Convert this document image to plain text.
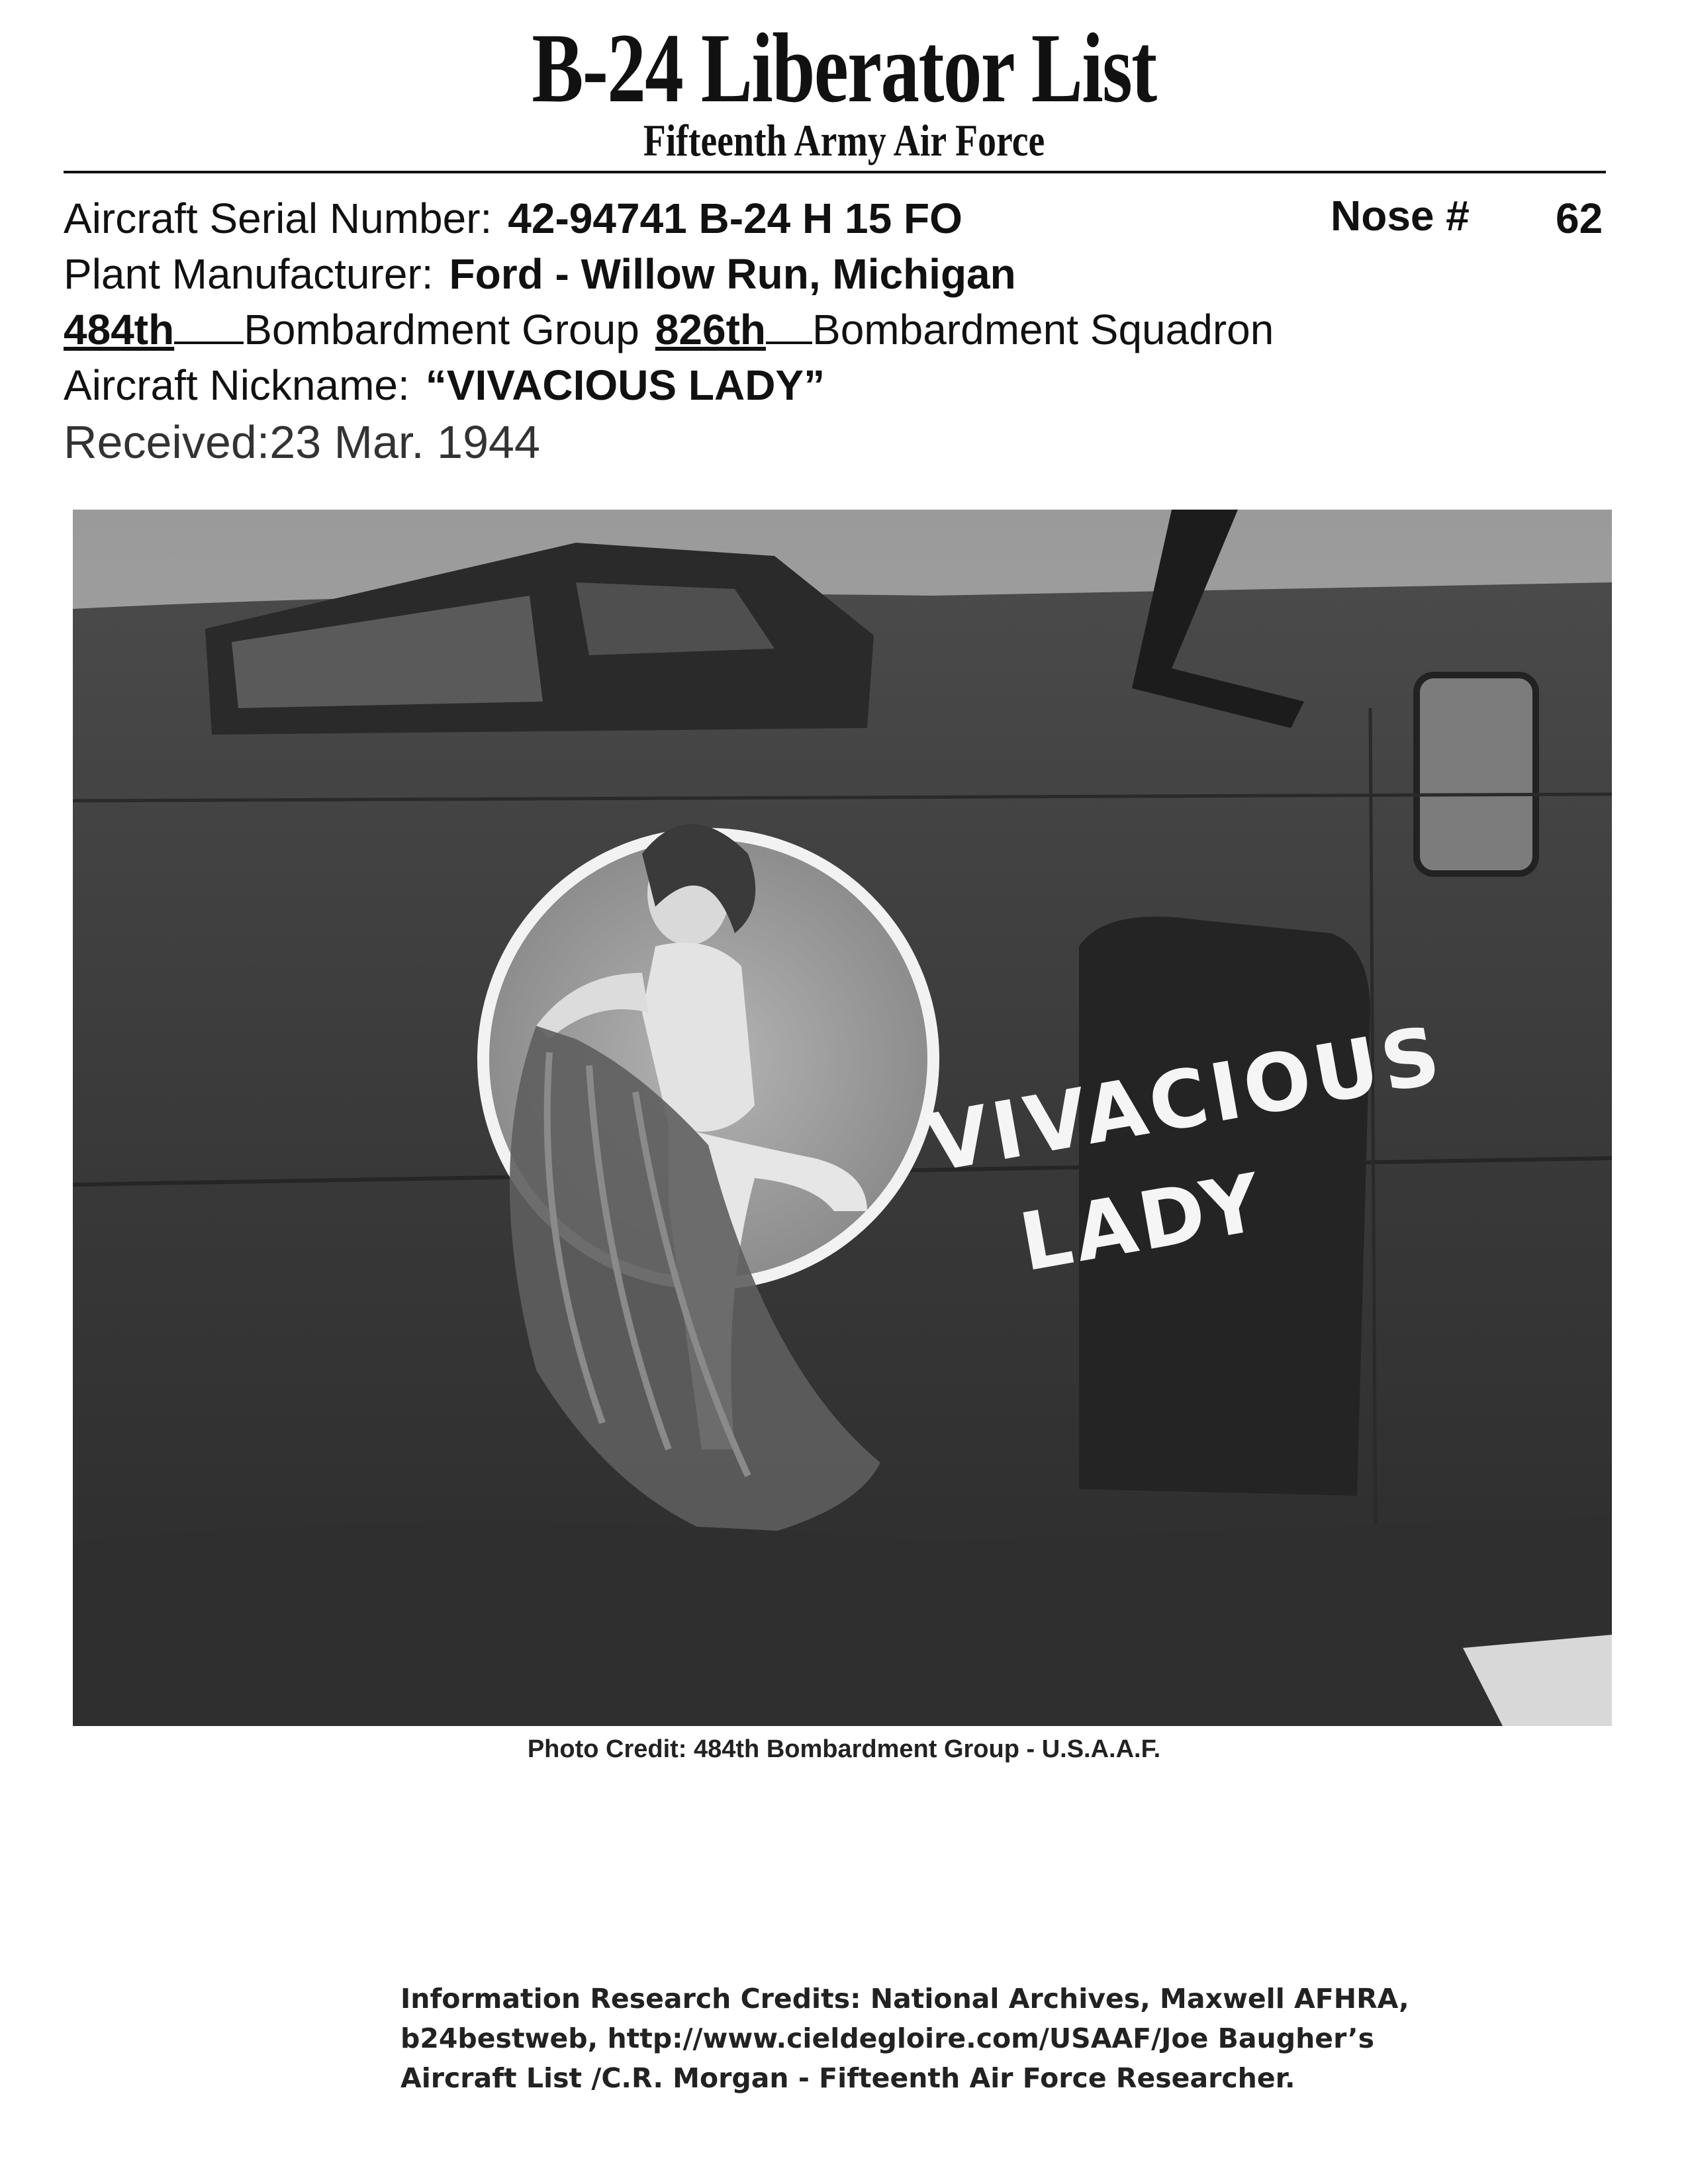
B-24 Liberator List
Fifteenth Army Air Force
Aircraft Serial Number: 42-94741 B-24 H 15 FO	Nose # 62
Plant Manufacturer: Ford - Willow Run, Michigan
484th Bombardment Group 826th Bombardment Squadron
Aircraft Nickname: “VIVACIOUS LADY”
Received:23 Mar. 1944
VIVACIOUS
LADY
Photo Credit: 484th Bombardment Group - U.S.A.A.F.
Information Research Credits: National Archives, Maxwell AFHRA,
b24bestweb, http://www.cieldegloire.com/USAAF/Joe Baugher’s
Aircraft List /C.R. Morgan - Fifteenth Air Force Researcher.
